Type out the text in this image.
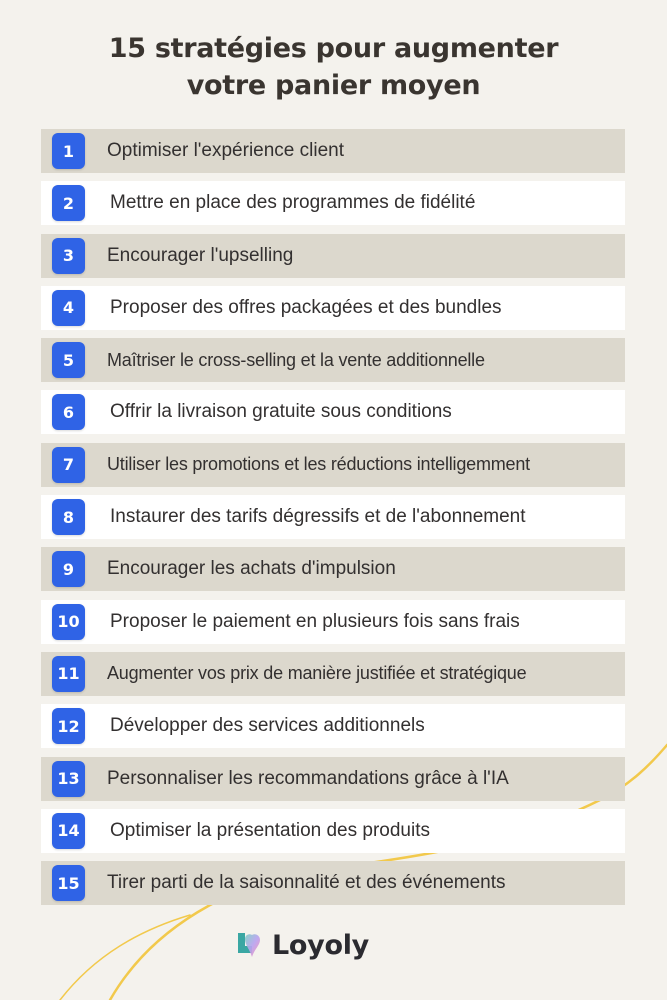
15 stratégies pour augmenter
votre panier moyen
1	Optimiser l'expérience client
2	Mettre en place des programmes de fidélité
3	Encourager l'upselling
4	Proposer des offres packagées et des bundles
5	Maîtriser le cross-selling et la vente additionnelle
6	Offrir la livraison gratuite sous conditions
7	Utiliser les promotions et les réductions intelligemment
8	Instaurer des tarifs dégressifs et de l'abonnement
9	Encourager les achats d'impulsion
10 Proposer le paiement en plusieurs fois sans frais
11 Augmenter vos prix de manière justifiée et stratégique
12 Développer des services additionnels
13 Personnaliser les recommandations grâce à l'IA
14 Optimiser la présentation des produits
15 Tirer parti de la saisonnalité et des événements
Loyoly
